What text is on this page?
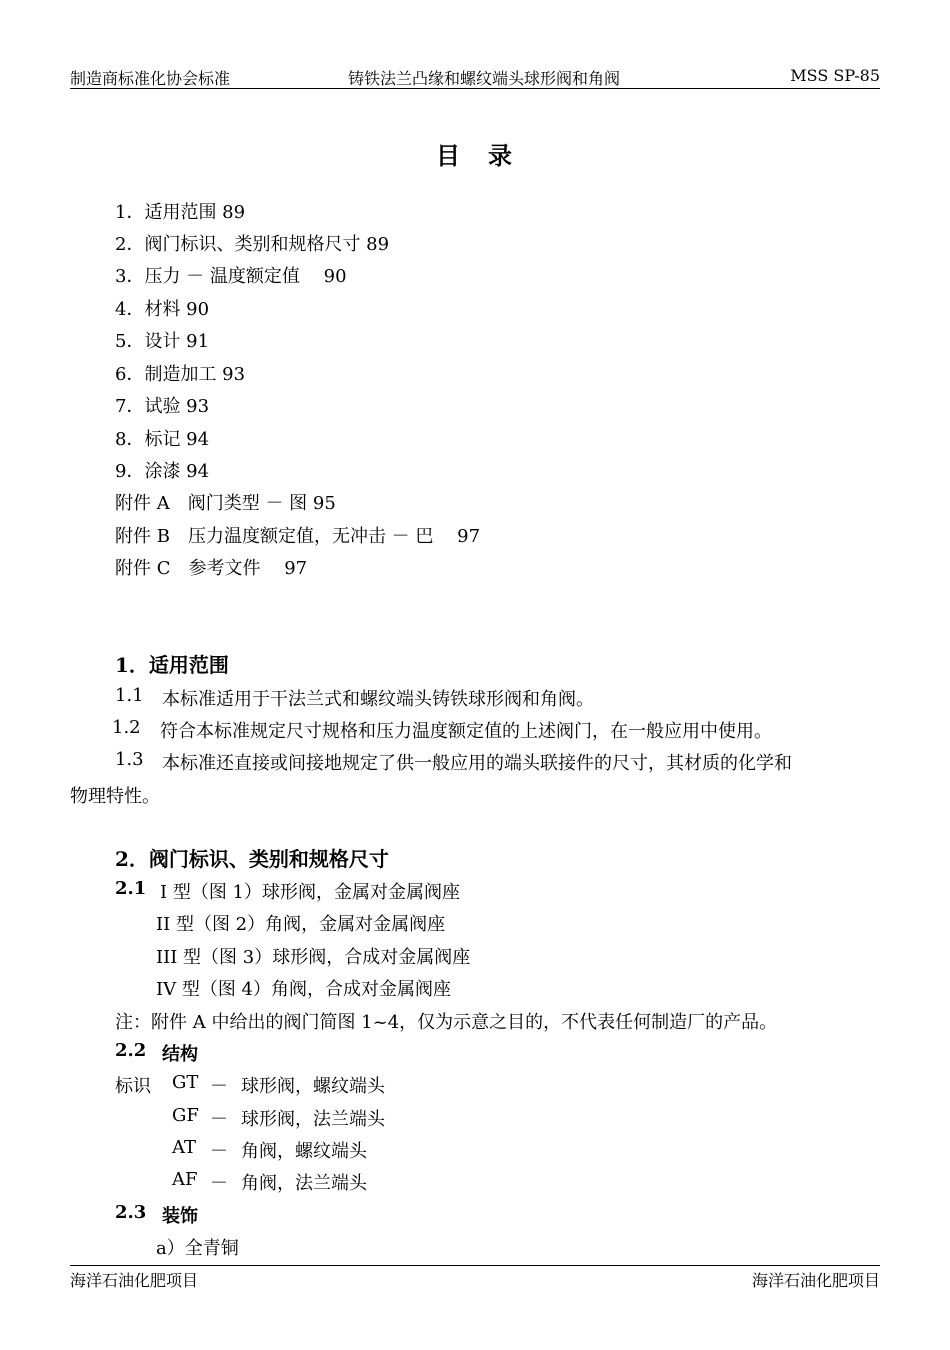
制造商标准化协会标准	铸铁法兰凸缘和螺纹端头球形阀和角阀	MSS SP-85
目　录
1．适用范围 89
2．阀门标识、类别和规格尺寸 89
3．压力 － 温度额定值　 90
4．材料 90
5．设计 91
6．制造加工 93
7．试验 93
8．标记 94
9．涂漆 94
附件 A　阀门类型 － 图 95
附件 B　压力温度额定值，无冲击 － 巴　 97
附件 C　参考文件　 97
1．适用范围
1.1 本标准适用于干法兰式和螺纹端头铸铁球形阀和角阀。
1.2 符合本标准规定尺寸规格和压力温度额定值的上述阀门，在一般应用中使用。
1.3 本标准还直接或间接地规定了供一般应用的端头联接件的尺寸，其材质的化学和
物理特性。
2．阀门标识、类别和规格尺寸
2.1 I 型（图 1）球形阀，金属对金属阀座
II 型（图 2）角阀，金属对金属阀座
III 型（图 3）球形阀，合成对金属阀座
IV 型（图 4）角阀，合成对金属阀座
注：附件 A 中给出的阀门简图 1~4，仅为示意之目的，不代表任何制造厂的产品。
2.2 结构
标识 GT － 球形阀，螺纹端头
GF － 球形阀，法兰端头
AT － 角阀，螺纹端头
AF － 角阀，法兰端头
2.3 装饰
a）全青铜
海洋石油化肥项目	海洋石油化肥项目
